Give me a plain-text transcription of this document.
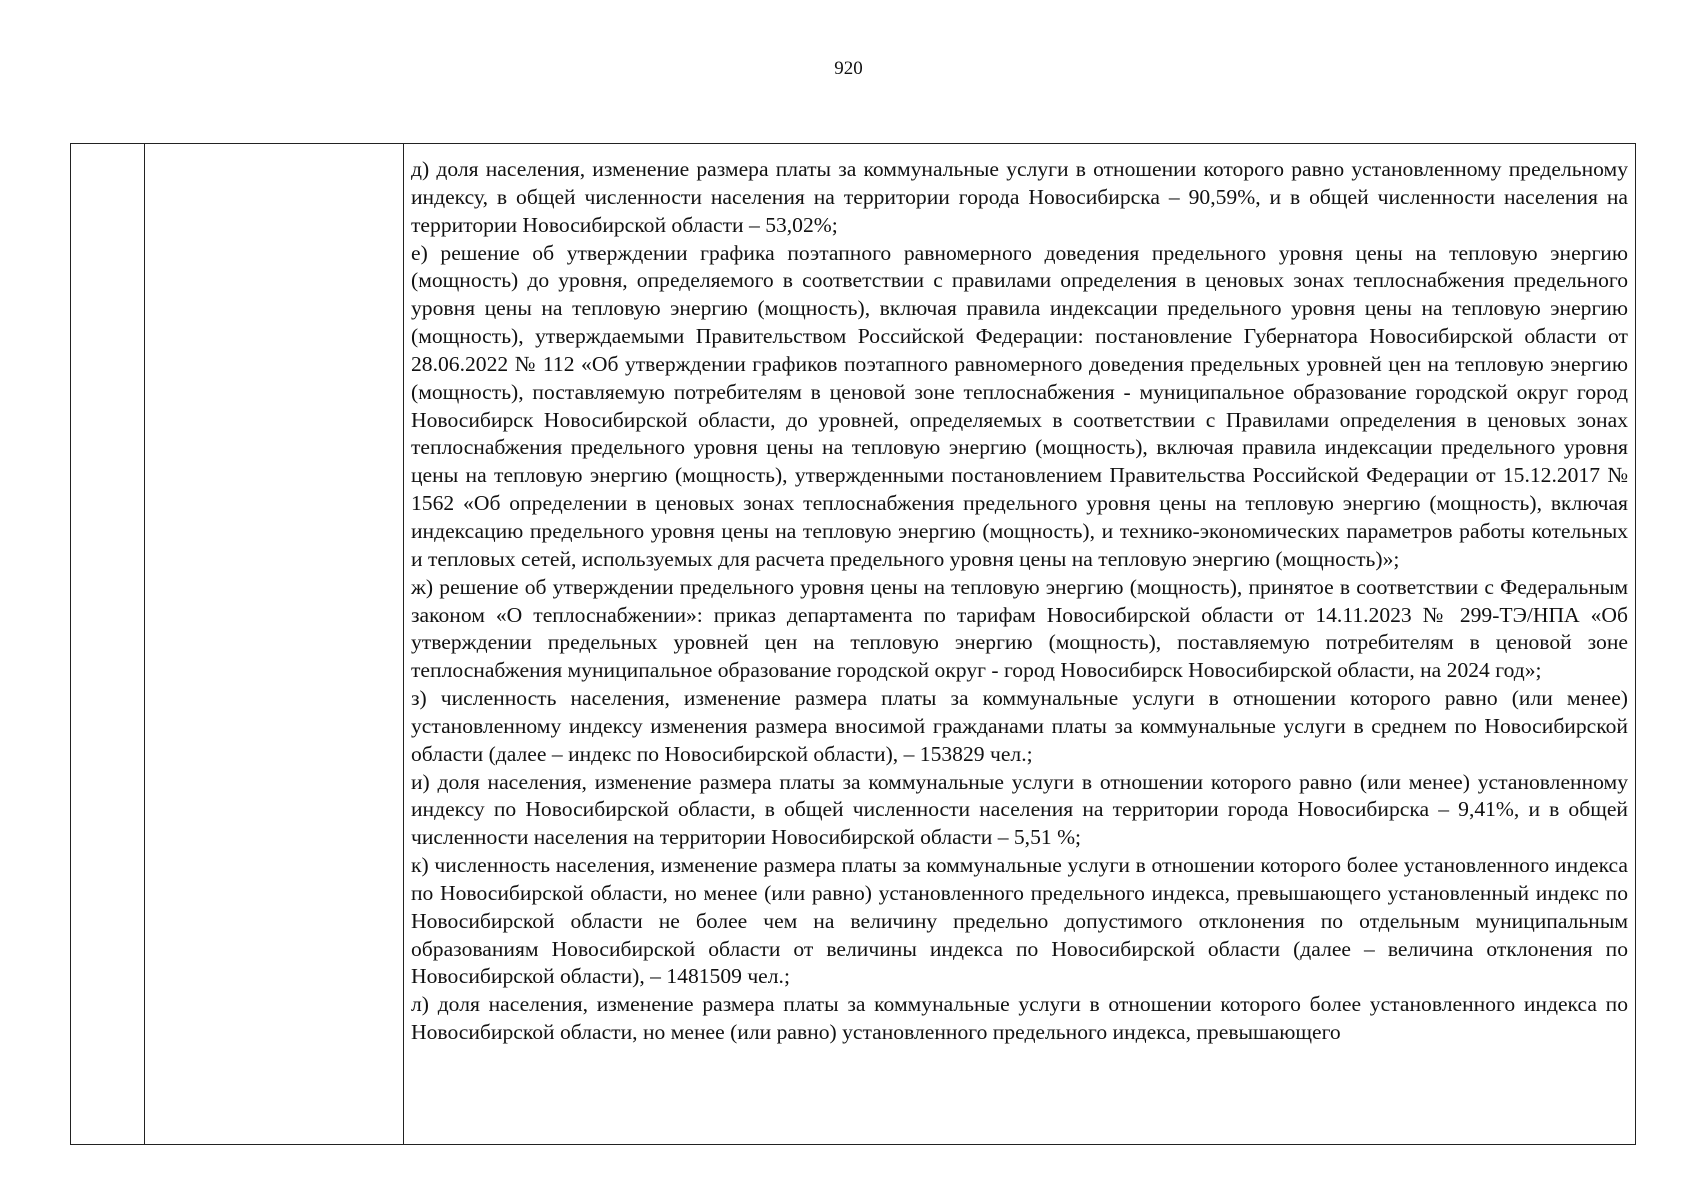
920

д) доля населения, изменение размера платы за коммунальные услуги в отношении которого равно установленному предельному индексу, в общей численности населения на территории города Новосибирска – 90,59%, и в общей численности населения на территории Новосибирской области – 53,02%;

е) решение об утверждении графика поэтапного равномерного доведения предельного уровня цены на тепловую энергию (мощность) до уровня, определяемого в соответствии с правилами определения в ценовых зонах теплоснабжения предельного уровня цены на тепловую энергию (мощность), включая правила индексации предельного уровня цены на тепловую энергию (мощность), утверждаемыми Правительством Российской Федерации: постановление Губернатора Новосибирской области от 28.06.2022 № 112 «Об утверждении графиков поэтапного равномерного доведения предельных уровней цен на тепловую энергию (мощность), поставляемую потребителям в ценовой зоне теплоснабжения - муниципальное образование городской округ город Новосибирск Новосибирской области, до уровней, определяемых в соответствии с Правилами определения в ценовых зонах теплоснабжения предельного уровня цены на тепловую энергию (мощность), включая правила индексации предельного уровня цены на тепловую энергию (мощность), утвержденными постановлением Правительства Российской Федерации от 15.12.2017 № 1562 «Об определении в ценовых зонах теплоснабжения предельного уровня цены на тепловую энергию (мощность), включая индексацию предельного уровня цены на тепловую энергию (мощность), и технико-экономических параметров работы котельных и тепловых сетей, используемых для расчета предельного уровня цены на тепловую энергию (мощность)»;

ж) решение об утверждении предельного уровня цены на тепловую энергию (мощность), принятое в соответствии с Федеральным законом «О теплоснабжении»: приказ департамента по тарифам Новосибирской области от 14.11.2023 № 299-ТЭ/НПА «Об утверждении предельных уровней цен на тепловую энергию (мощность), поставляемую потребителям в ценовой зоне теплоснабжения муниципальное образование городской округ - город Новосибирск Новосибирской области, на 2024 год»;

з) численность населения, изменение размера платы за коммунальные услуги в отношении которого равно (или менее) установленному индексу изменения размера вносимой гражданами платы за коммунальные услуги в среднем по Новосибирской области (далее – индекс по Новосибирской области), – 153829 чел.;

и) доля населения, изменение размера платы за коммунальные услуги в отношении которого равно (или менее) установленному индексу по Новосибирской области, в общей численности населения на территории города Новосибирска – 9,41%, и в общей численности населения на территории Новосибирской области – 5,51 %;

к) численность населения, изменение размера платы за коммунальные услуги в отношении которого более установленного индекса по Новосибирской области, но менее (или равно) установленного предельного индекса, превышающего установленный индекс по Новосибирской области не более чем на величину предельно допустимого отклонения по отдельным муниципальным образованиям Новосибирской области от величины индекса по Новосибирской области (далее – величина отклонения по Новосибирской области), – 1481509 чел.;

л) доля населения, изменение размера платы за коммунальные услуги в отношении которого более установленного индекса по Новосибирской области, но менее (или равно) установленного предельного индекса, превышающего
